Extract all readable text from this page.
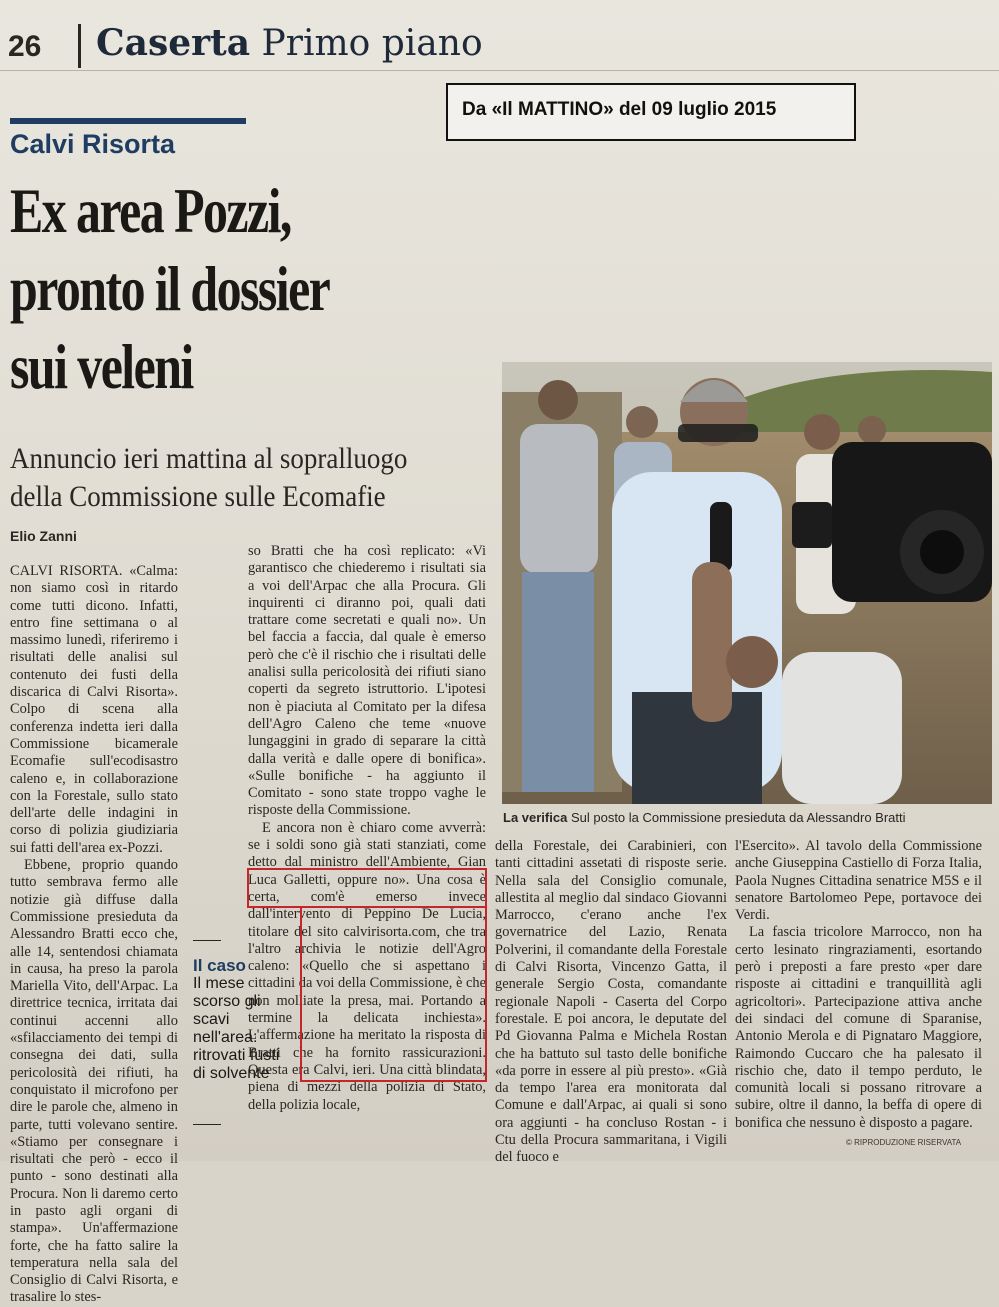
26 Caserta Primo piano
Da «Il MATTINO» del 09 luglio 2015
Calvi Risorta
Ex area Pozzi,
pronto il dossier
sui veleni
Annuncio ieri mattina al sopralluogo
della Commissione sulle Ecomafie
Elio Zanni

CALVI RISORTA. «Calma: non siamo così in ritardo come tutti dicono. Infatti, entro fine settimana o al massimo lunedì, riferiremo i risultati delle analisi sul contenuto dei fusti della discarica di Calvi Risorta». Colpo di scena alla conferenza indetta ieri dalla Commissione bicamerale Ecomafie sull'ecodisastro caleno e, in collaborazione con la Forestale, sullo stato dell'arte delle indagini in corso di polizia giudiziaria sui fatti dell'area ex-Pozzi.

Ebbene, proprio quando tutto sembrava fermo alle notizie già diffuse dalla Commissione presieduta da Alessandro Bratti ecco che, alle 14, sentendosi chiamata in causa, ha preso la parola Mariella Vito, dell'Arpac. La direttrice tecnica, irritata dai continui accenni allo «sfilacciamento dei tempi di consegna dei dati, sulla pericolosità dei rifiuti, ha conquistato il microfono per dire le parole che, almeno in parte, tutti volevano sentire. «Stiamo per consegnare i risultati che però - ecco il punto - sono destinati alla Procura. Non li daremo certo in pasto agli organi di stampa». Un'affermazione forte, che ha fatto salire la temperatura nella sala del Consiglio di Calvi Risorta, e trasalire lo stes-

so Bratti che ha così replicato: «Vi garantisco che chiederemo i risultati sia a voi dell'Arpac che alla Procura. Gli inquirenti ci diranno poi, quali dati trattare come secretati e quali no». Un bel faccia a faccia, dal quale è emerso però che c'è il rischio che i risultati delle analisi sulla pericolosità dei rifiuti siano coperti da segreto istruttorio. L'ipotesi non è piaciuta al Comitato per la difesa dell'Agro Caleno che teme «nuove lungaggini in grado di separare la città dalla verità e dalle opere di bonifica». «Sulle bonifiche - ha aggiunto il Comitato - sono state troppo vaghe le risposte della Commissione.

E ancora non è chiaro come avverrà: se i soldi sono già stati stanziati, come detto dal ministro dell'Ambiente, Gian Luca Galletti, oppure no». Una cosa è certa, com'è emerso invece dall'intervento di Peppino De Lucia, titolare del sito calvirisorta.com, che tra l'altro archivia le notizie dell'Agro caleno: «Quello che si aspettano i cittadini da voi della Commissione, è che non molliate la presa, mai. Portando a termine la delicata inchiesta». L'affermazione ha meritato la risposta di Bratti che ha fornito rassicurazioni. Questa era Calvi, ieri. Una città blindata, piena di mezzi della polizia di Stato, della polizia locale,

Il caso
Il mese scorso gli scavi nell'area: ritrovati fusti di solvente
La verifica Sul posto la Commissione presieduta da Alessandro Bratti

della Forestale, dei Carabinieri, con tanti cittadini assetati di risposte serie. Nella sala del Consiglio comunale, allestita al meglio dal sindaco Giovanni Marrocco, c'erano anche l'ex governatrice del Lazio, Renata Polverini, il comandante della Forestale di Calvi Risorta, Vincenzo Gatta, il generale Sergio Costa, comandante regionale Napoli - Caserta del Corpo forestale. E poi ancora, le deputate del Pd Giovanna Palma e Michela Rostan che ha battuto sul tasto delle bonifiche «da porre in essere al più presto». «Già da tempo l'area era monitorata dal Comune e dall'Arpac, ai quali si sono ora aggiunti - ha concluso Rostan - i Ctu della Procura sammaritana, i Vigili del fuoco e

l'Esercito». Al tavolo della Commissione anche Giuseppina Castiello di Forza Italia, Paola Nugnes Cittadina senatrice M5S e il senatore Bartolomeo Pepe, portavoce dei Verdi.

La fascia tricolore Marrocco, non ha certo lesinato ringraziamenti, esortando però i preposti a fare presto «per dare risposte ai cittadini e tranquillità agli agricoltori». Partecipazione attiva anche dei sindaci del comune di Sparanise, Antonio Merola e di Pignataro Maggiore, Raimondo Cuccaro che ha palesato il rischio che, dato il tempo perduto, le comunità locali si possano ritrovare a subire, oltre il danno, la beffa di opere di bonifica che nessuno è disposto a pagare.

© RIPRODUZIONE RISERVATA
